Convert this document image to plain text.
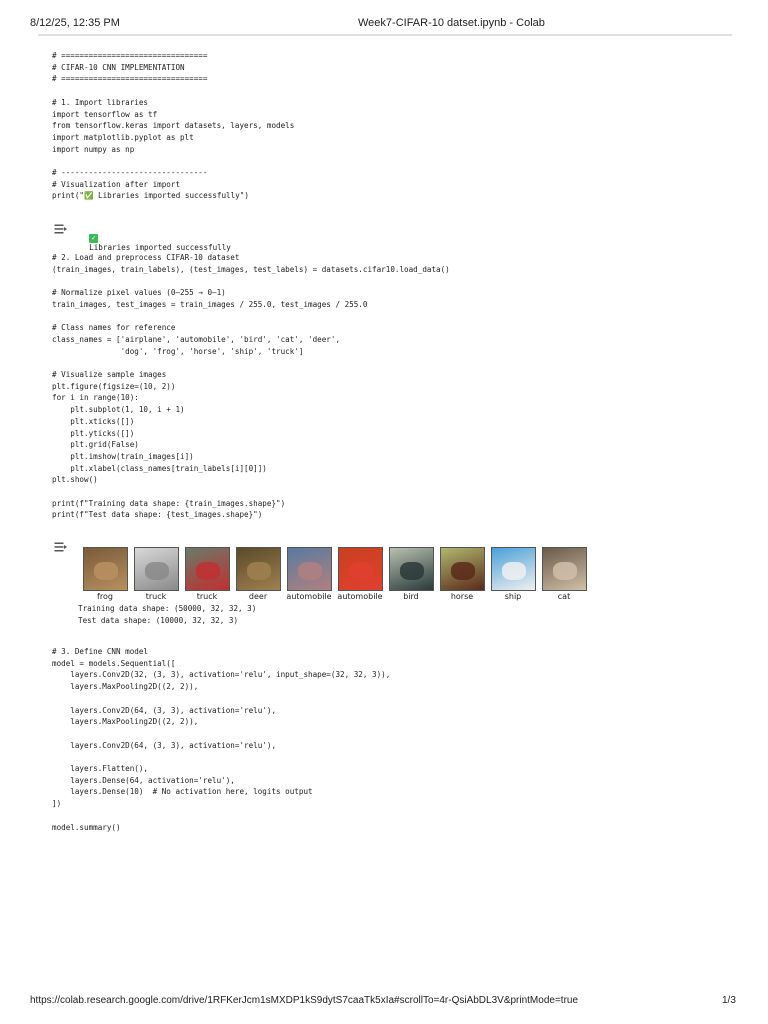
8/12/25, 12:35 PM	Week7-CIFAR-10 datset.ipynb - Colab
# ================================
# CIFAR-10 CNN IMPLEMENTATION
# ================================

# 1. Import libraries
import tensorflow as tf
from tensorflow.keras import datasets, layers, models
import matplotlib.pyplot as plt
import numpy as np

# --------------------------------
# Visualization after import
print("✅ Libraries imported successfully")

✓
Libraries imported successfully

# 2. Load and preprocess CIFAR-10 dataset
(train_images, train_labels), (test_images, test_labels) = datasets.cifar10.load_data()

# Normalize pixel values (0–255 → 0–1)
train_images, test_images = train_images / 255.0, test_images / 255.0

# Class names for reference
class_names = ['airplane', 'automobile', 'bird', 'cat', 'deer',
'dog', 'frog', 'horse', 'ship', 'truck']

# Visualize sample images
plt.figure(figsize=(10, 2))
for i in range(10):
plt.subplot(1, 10, i + 1)
plt.xticks([])
plt.yticks([])
plt.grid(False)
plt.imshow(train_images[i])
plt.xlabel(class_names[train_labels[i][0]])
plt.show()

print(f"Training data shape: {train_images.shape}")
print(f"Test data shape: {test_images.shape}")
frog	truck	truck	deer	automobile automobile	bird	horse	ship	cat
Training data shape: (50000, 32, 32, 3)
Test data shape: (10000, 32, 32, 3)
# 3. Define CNN model
model = models.Sequential([
layers.Conv2D(32, (3, 3), activation='relu', input_shape=(32, 32, 3)),
layers.MaxPooling2D((2, 2)),

layers.Conv2D(64, (3, 3), activation='relu'),
layers.MaxPooling2D((2, 2)),

layers.Conv2D(64, (3, 3), activation='relu'),

layers.Flatten(),
layers.Dense(64, activation='relu'),
layers.Dense(10)  # No activation here, logits output
])

model.summary()
https://colab.research.google.com/drive/1RFKerJcm1sMXDP1kS9dytS7caaTk5xIa#scrollTo=4r-QsiAbDL3V&printMode=true	1/3
